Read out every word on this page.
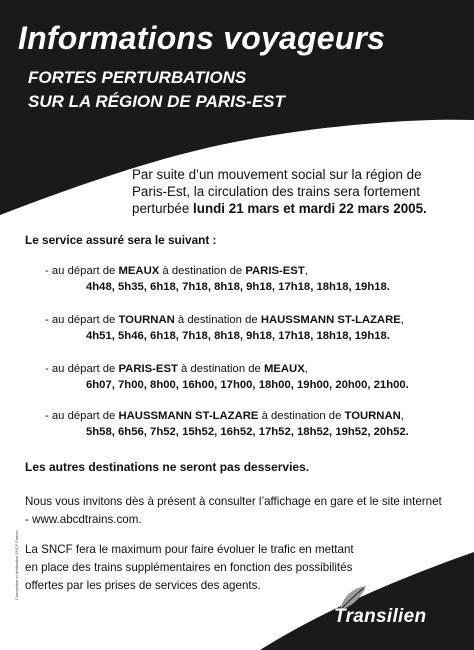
Informations voyageurs
FORTES PERTURBATIONS
SUR LA RÉGION DE PARIS-EST
Par suite d’un mouvement social sur la région de
Paris-Est, la circulation des trains sera fortement
perturbée lundi 21 mars et mardi 22 mars 2005.
Le service assuré sera le suivant :
- au départ de MEAUX à destination de PARIS-EST,
4h48, 5h35, 6h18, 7h18, 8h18, 9h18, 17h18, 18h18, 19h18.
- au départ de TOURNAN à destination de HAUSSMANN ST-LAZARE,
4h51, 5h46, 6h18, 7h18, 8h18, 9h18, 17h18, 18h18, 19h18.
- au départ de PARIS-EST à destination de MEAUX,
6h07, 7h00, 8h00, 16h00, 17h00, 18h00, 19h00, 20h00, 21h00.
- au départ de HAUSSMANN ST-LAZARE à destination de TOURNAN,
5h58, 6h56, 7h52, 15h52, 16h52, 17h52, 18h52, 19h52, 20h52.
Les autres destinations ne seront pas desservies.
Nous vous invitons dès à présent à consulter l’affichage en gare et le site internet
- www.abcdtrains.com.
La SNCF fera le maximum pour faire évoluer le trafic en mettant
en place des trains supplémentaires en fonction des possibilités
offertes par les prises de services des agents.
Conception et réalisation SNCF France
Transilien
